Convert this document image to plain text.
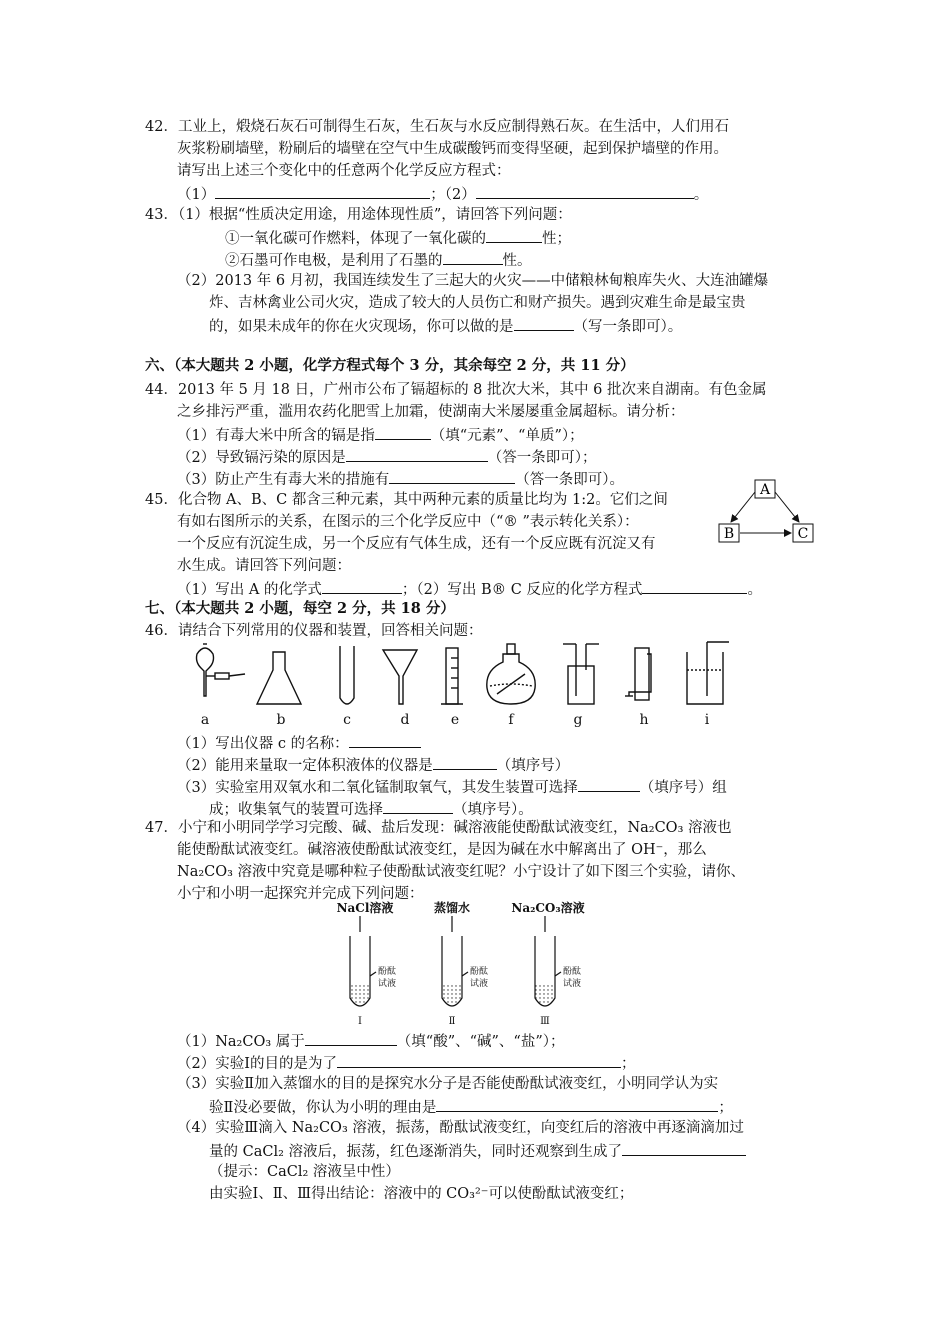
42．工业上，煅烧石灰石可制得生石灰，生石灰与水反应制得熟石灰。在生活中，人们用石
灰浆粉刷墙壁，粉刷后的墙壁在空气中生成碳酸钙而变得坚硬，起到保护墙壁的作用。
请写出上述三个变化中的任意两个化学反应方程式：
（1）	；（2）	。
43．（1）根据“性质决定用途，用途体现性质”，请回答下列问题：
①一氧化碳可作燃料，体现了一氧化碳的	性；
②石墨可作电极，是利用了石墨的	性。
（2）2013 年 6 月初，我国连续发生了三起大的火灾——中储粮林甸粮库失火、大连油罐爆
炸、吉林禽业公司火灾，造成了较大的人员伤亡和财产损失。遇到灾难生命是最宝贵
的，如果未成年的你在火灾现场，你可以做的是	（写一条即可）。
六、（本大题共 2 小题，化学方程式每个 3 分，其余每空 2 分，共 11 分）
44．2013 年 5 月 18 日，广州市公布了镉超标的 8 批次大米，其中 6 批次来自湖南。有色金属
之乡排污严重，滥用农药化肥雪上加霜，使湖南大米屡屡重金属超标。请分析：
（1）有毒大米中所含的镉是指	（填“元素”、“单质”）；
（2）导致镉污染的原因是	（答一条即可）；
（3）防止产生有毒大米的措施有	（答一条即可）。
45．化合物 A、B、C 都含三种元素，其中两种元素的质量比均为 1:2。它们之间
有如右图所示的关系，在图示的三个化学反应中（“® ”表示转化关系）：
一个反应有沉淀生成，另一个反应有气体生成，还有一个反应既有沉淀又有
水生成。请回答下列问题：
（1）写出 A 的化学式	；（2）写出 B® C 反应的化学方程式	。
A
B	C
七、（本大题共 2 小题，每空 2 分，共 18 分）
46．请结合下列常用的仪器和装置，回答相关问题：
a	b	c	d	e	f	g	h	i
（1）写出仪器 c 的名称：
（2）能用来量取一定体积液体的仪器是	（填序号）
（3）实验室用双氧水和二氧化锰制取氧气，其发生装置可选择	（填序号）组
成；收集氧气的装置可选择	（填序号）。
47．小宁和小明同学学习完酸、碱、盐后发现：碱溶液能使酚酞试液变红，Na₂CO₃ 溶液也
能使酚酞试液变红。碱溶液使酚酞试液变红，是因为碱在水中解离出了 OH⁻，那么
Na₂CO₃ 溶液中究竟是哪种粒子使酚酞试液变红呢？小宁设计了如下图三个实验，请你、
小宁和小明一起探究并完成下列问题：
NaCl溶液	蒸馏水	Na₂CO₃溶液
酚酞
试液
酚酞
试液
酚酞
试液
Ⅰ	Ⅱ	Ⅲ
（1）Na₂CO₃ 属于	（填“酸”、“碱”、“盐”）；
（2）实验Ⅰ的目的是为了	；
（3）实验Ⅱ加入蒸馏水的目的是探究水分子是否能使酚酞试液变红，小明同学认为实
验Ⅱ没必要做，你认为小明的理由是	；
（4）实验Ⅲ滴入 Na₂CO₃ 溶液，振荡，酚酞试液变红，向变红后的溶液中再逐滴滴加过
量的 CaCl₂ 溶液后，振荡，红色逐渐消失，同时还观察到生成了
（提示：CaCl₂ 溶液呈中性）
由实验Ⅰ、Ⅱ、Ⅲ得出结论：溶液中的 CO₃²⁻可以使酚酞试液变红；
